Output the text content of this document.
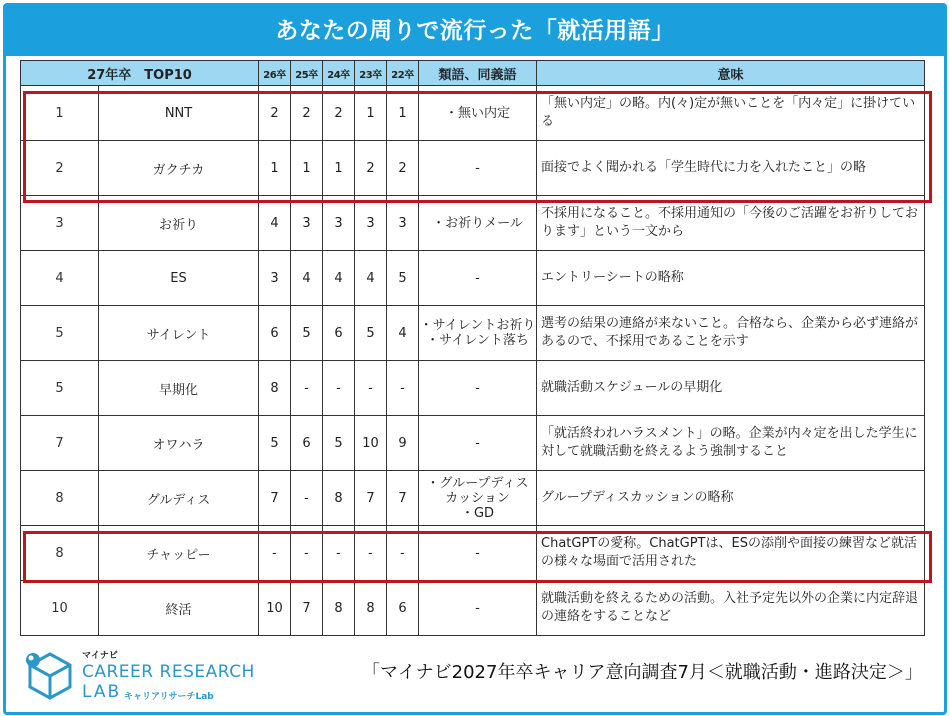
あなたの周りで流行った「就活用語」
27年卒　TOP10		26卒	25卒	24卒	23卒	22卒	類語、同義語	意味
1	NNT	2	2	2	1	1	・無い内定	「無い内定」の略。内(々)定が無いことを「内々定」に掛けている
2	ガクチカ	1	1	1	2	2	-	面接でよく聞かれる「学生時代に力を入れたこと」の略
3	お祈り	4	3	3	3	3	・お祈りメール	不採用になること。不採用通知の「今後のご活躍をお祈りしております」という一文から
4	ES	3	4	4	4	5	-	エントリーシートの略称
5	サイレント	6	5	6	5	4	・サイレントお祈り
・サイレント落ち	選考の結果の連絡が来ないこと。合格なら、企業から必ず連絡があるので、不採用であることを示す
5	早期化	8	-	-	-	-	-	就職活動スケジュールの早期化
7	オワハラ	5	6	5	10	9	-	「就活終われハラスメント」の略。企業が内々定を出した学生に対して就職活動を終えるよう強制すること
8	グルディス	7	-	8	7	7	・グループディス
カッション
・GD	グループディスカッションの略称
8	チャッピー	-	-	-	-	-	-	ChatGPTの愛称。ChatGPTは、ESの添削や面接の練習など就活の様々な場面で活用された
10	終活	10	7	8	8	6	-	就職活動を終えるための活動。入社予定先以外の企業に内定辞退の連絡をすることなど
マイナビ
CAREER RESEARCH
LAB キャリアリサーチLab
「マイナビ2027年卒キャリア意向調査7月＜就職活動・進路決定＞」
